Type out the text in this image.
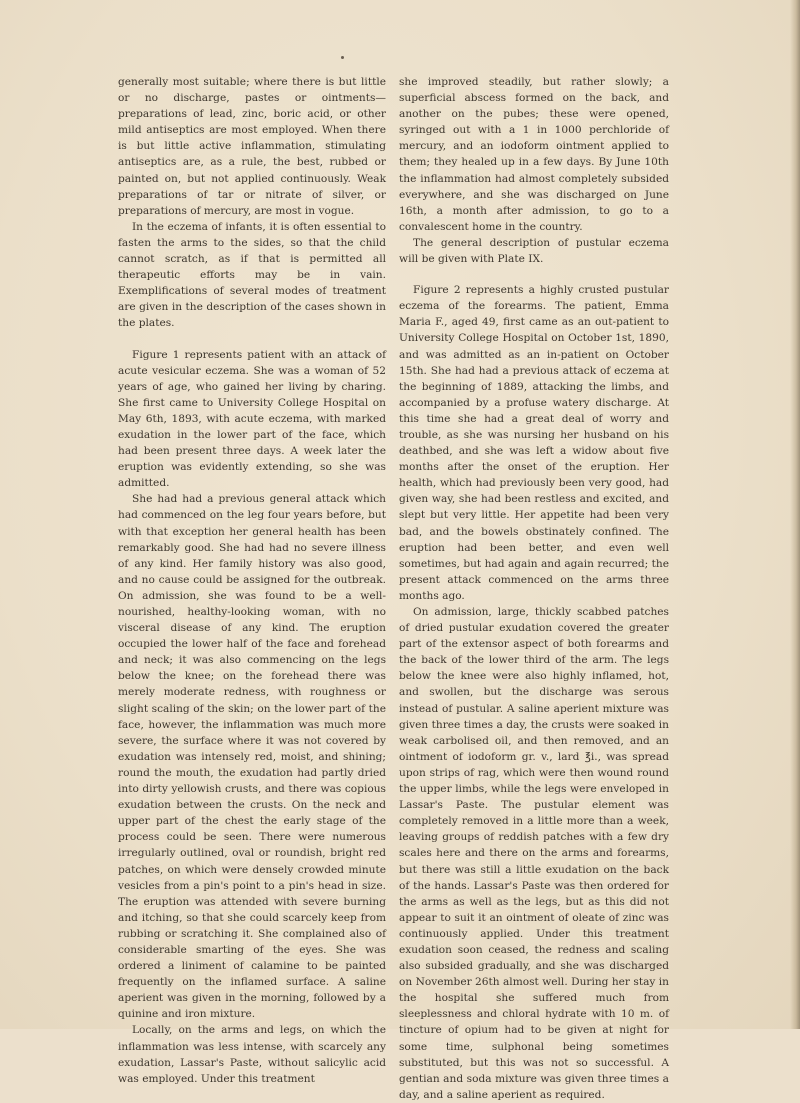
generally most suitable; where there is but little or no discharge, pastes or ointments—preparations of lead, zinc, boric acid, or other mild antiseptics are most employed. When there is but little active inflammation, stimulating antiseptics are, as a rule, the best, rubbed or painted on, but not applied continuously. Weak preparations of tar or nitrate of silver, or preparations of mercury, are most in vogue.

In the eczema of infants, it is often essential to fasten the arms to the sides, so that the child cannot scratch, as if that is permitted all therapeutic efforts may be in vain. Exemplifications of several modes of treatment are given in the description of the cases shown in the plates.

Figure 1 represents patient with an attack of acute vesicular eczema. She was a woman of 52 years of age, who gained her living by charing. She first came to University College Hospital on May 6th, 1893, with acute eczema, with marked exudation in the lower part of the face, which had been present three days. A week later the eruption was evidently extending, so she was admitted.

She had had a previous general attack which had commenced on the leg four years before, but with that exception her general health has been remarkably good. She had had no severe illness of any kind. Her family history was also good, and no cause could be assigned for the outbreak. On admission, she was found to be a well-nourished, healthy-looking woman, with no visceral disease of any kind. The eruption occupied the lower half of the face and forehead and neck; it was also commencing on the legs below the knee; on the forehead there was merely moderate redness, with roughness or slight scaling of the skin; on the lower part of the face, however, the inflammation was much more severe, the surface where it was not covered by exudation was intensely red, moist, and shining; round the mouth, the exudation had partly dried into dirty yellowish crusts, and there was copious exudation between the crusts. On the neck and upper part of the chest the early stage of the process could be seen. There were numerous irregularly outlined, oval or roundish, bright red patches, on which were densely crowded minute vesicles from a pin's point to a pin's head in size. The eruption was attended with severe burning and itching, so that she could scarcely keep from rubbing or scratching it. She complained also of considerable smarting of the eyes. She was ordered a liniment of calamine to be painted frequently on the inflamed surface. A saline aperient was given in the morning, followed by a quinine and iron mixture.

Locally, on the arms and legs, on which the inflammation was less intense, with scarcely any exudation, Lassar's Paste, without salicylic acid was employed. Under this treatment

she improved steadily, but rather slowly; a superficial abscess formed on the back, and another on the pubes; these were opened, syringed out with a 1 in 1000 perchloride of mercury, and an iodoform ointment applied to them; they healed up in a few days. By June 10th the inflammation had almost completely subsided everywhere, and she was discharged on June 16th, a month after admission, to go to a convalescent home in the country.

The general description of pustular eczema will be given with Plate IX.

Figure 2 represents a highly crusted pustular eczema of the forearms. The patient, Emma Maria F., aged 49, first came as an out-patient to University College Hospital on October 1st, 1890, and was admitted as an in-patient on October 15th. She had had a previous attack of eczema at the beginning of 1889, attacking the limbs, and accompanied by a profuse watery discharge. At this time she had a great deal of worry and trouble, as she was nursing her husband on his deathbed, and she was left a widow about five months after the onset of the eruption. Her health, which had previously been very good, had given way, she had been restless and excited, and slept but very little. Her appetite had been very bad, and the bowels obstinately confined. The eruption had been better, and even well sometimes, but had again and again recurred; the present attack commenced on the arms three months ago.

On admission, large, thickly scabbed patches of dried pustular exudation covered the greater part of the extensor aspect of both forearms and the back of the lower third of the arm. The legs below the knee were also highly inflamed, hot, and swollen, but the discharge was serous instead of pustular. A saline aperient mixture was given three times a day, the crusts were soaked in weak carbolised oil, and then removed, and an ointment of iodoform gr. v., lard ℥i., was spread upon strips of rag, which were then wound round the upper limbs, while the legs were enveloped in Lassar's Paste. The pustular element was completely removed in a little more than a week, leaving groups of reddish patches with a few dry scales here and there on the arms and forearms, but there was still a little exudation on the back of the hands. Lassar's Paste was then ordered for the arms as well as the legs, but as this did not appear to suit it an ointment of oleate of zinc was continuously applied. Under this treatment exudation soon ceased, the redness and scaling also subsided gradually, and she was discharged on November 26th almost well. During her stay in the hospital she suffered much from sleeplessness and chloral hydrate with 10 m. of tincture of opium had to be given at night for some time, sulphonal being sometimes substituted, but this was not so successful. A gentian and soda mixture was given three times a day, and a saline aperient as required.
